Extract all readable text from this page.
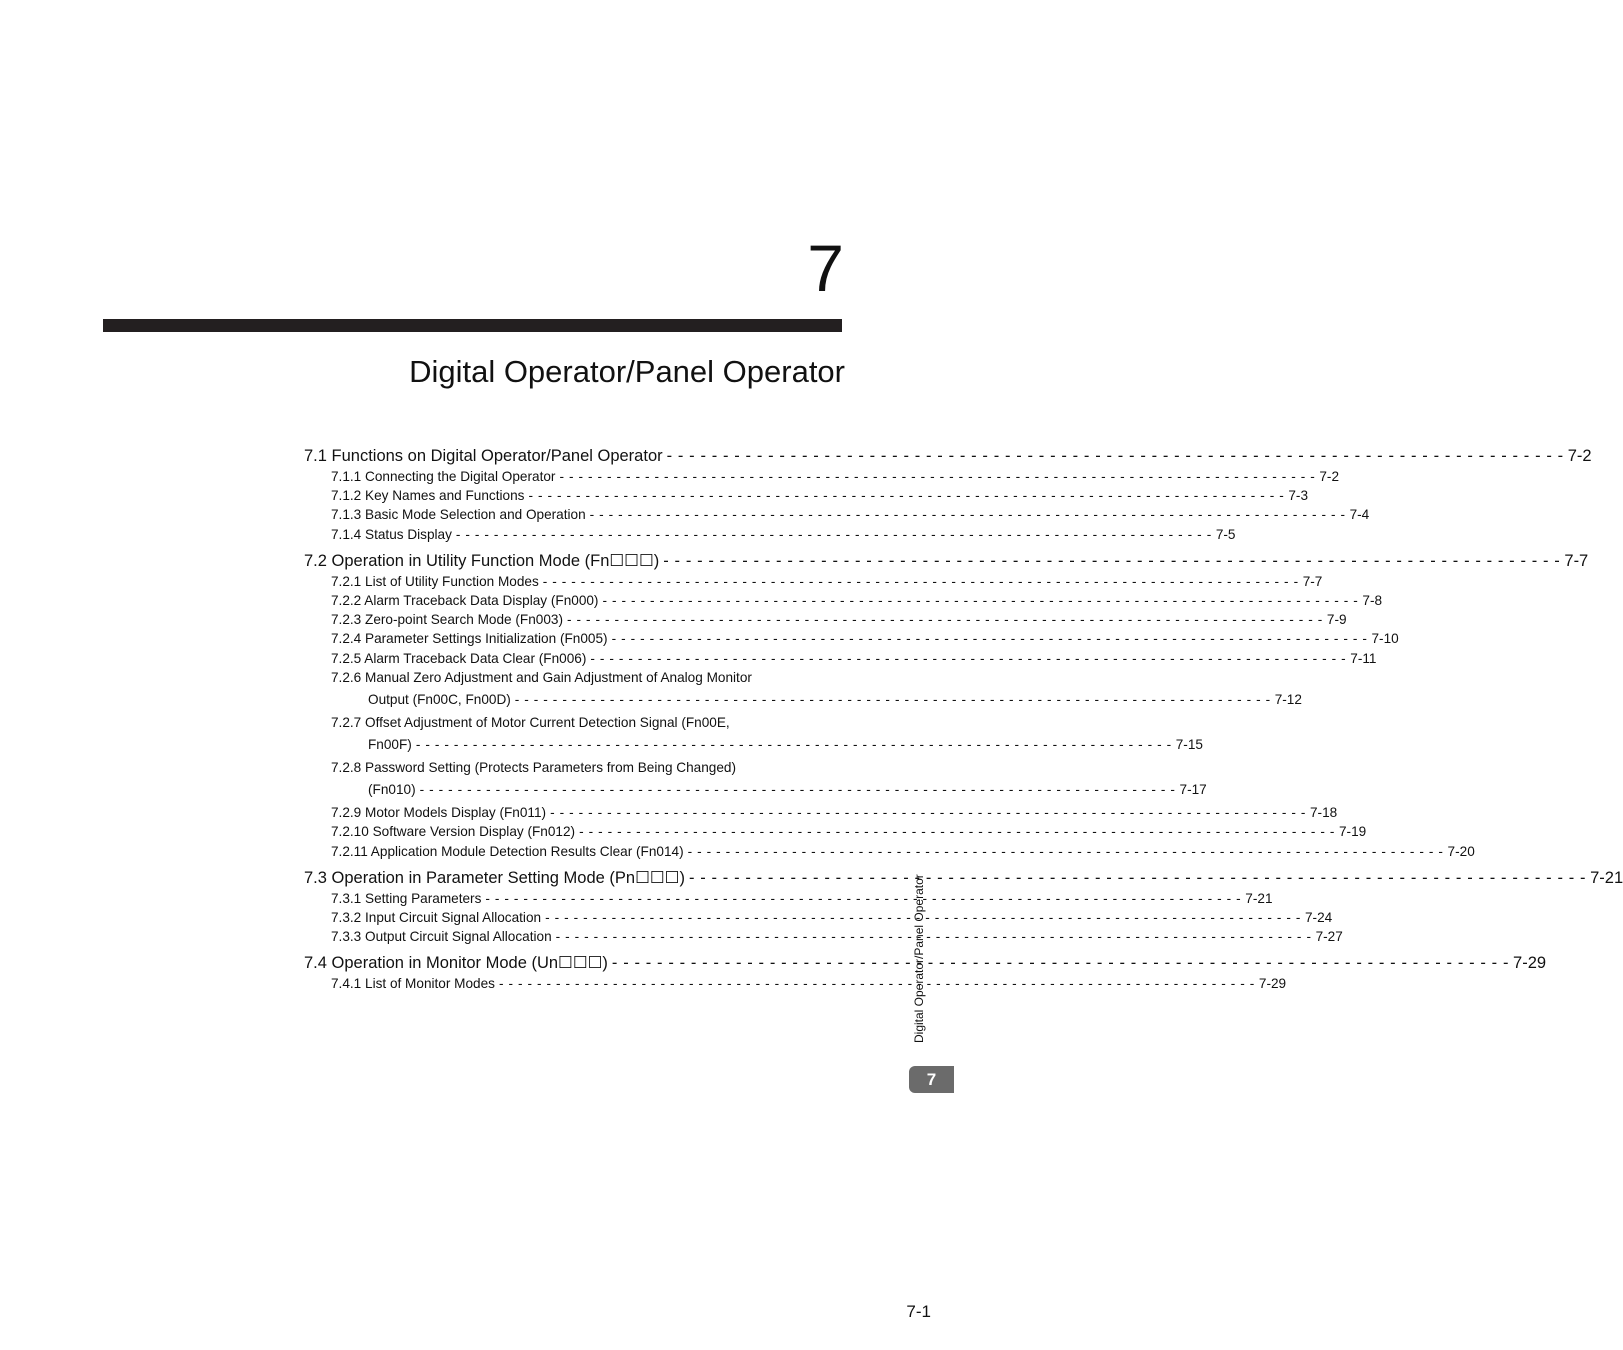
7
Digital Operator/Panel Operator
7.1 Functions on Digital Operator/Panel Operator - - - - - - - - - - - - - - - - - - - - - - - - - - - - - - - - - - - - - - - - - - - - - - - - - - - - - - - - - - - - - - - - - - - - - - - - - - - - - - - - 7-2
7.1.1 Connecting the Digital Operator - - - - - - - - - - - - - - - - - - - - - - - - - - - - - - - - - - - - - - - - - - - - - - - - - - - - - - - - - - - - - - - - - - - - - - - - - - - - - - - - 7-2
7.1.2 Key Names and Functions - - - - - - - - - - - - - - - - - - - - - - - - - - - - - - - - - - - - - - - - - - - - - - - - - - - - - - - - - - - - - - - - - - - - - - - - - - - - - - - - 7-3
7.1.3 Basic Mode Selection and Operation - - - - - - - - - - - - - - - - - - - - - - - - - - - - - - - - - - - - - - - - - - - - - - - - - - - - - - - - - - - - - - - - - - - - - - - - - - - - - - - - 7-4
7.1.4 Status Display - - - - - - - - - - - - - - - - - - - - - - - - - - - - - - - - - - - - - - - - - - - - - - - - - - - - - - - - - - - - - - - - - - - - - - - - - - - - - - - - 7-5
7.2 Operation in Utility Function Mode (Fn☐☐☐) - - - - - - - - - - - - - - - - - - - - - - - - - - - - - - - - - - - - - - - - - - - - - - - - - - - - - - - - - - - - - - - - - - - - - - - - - - - - - - - - 7-7
7.2.1 List of Utility Function Modes - - - - - - - - - - - - - - - - - - - - - - - - - - - - - - - - - - - - - - - - - - - - - - - - - - - - - - - - - - - - - - - - - - - - - - - - - - - - - - - - 7-7
7.2.2 Alarm Traceback Data Display (Fn000) - - - - - - - - - - - - - - - - - - - - - - - - - - - - - - - - - - - - - - - - - - - - - - - - - - - - - - - - - - - - - - - - - - - - - - - - - - - - - - - - 7-8
7.2.3 Zero-point Search Mode (Fn003) - - - - - - - - - - - - - - - - - - - - - - - - - - - - - - - - - - - - - - - - - - - - - - - - - - - - - - - - - - - - - - - - - - - - - - - - - - - - - - - - 7-9
7.2.4 Parameter Settings Initialization (Fn005) - - - - - - - - - - - - - - - - - - - - - - - - - - - - - - - - - - - - - - - - - - - - - - - - - - - - - - - - - - - - - - - - - - - - - - - - - - - - - - - - 7-10
7.2.5 Alarm Traceback Data Clear (Fn006) - - - - - - - - - - - - - - - - - - - - - - - - - - - - - - - - - - - - - - - - - - - - - - - - - - - - - - - - - - - - - - - - - - - - - - - - - - - - - - - - 7-11
7.2.6 Manual Zero Adjustment and Gain Adjustment of Analog Monitor
Output (Fn00C, Fn00D) - - - - - - - - - - - - - - - - - - - - - - - - - - - - - - - - - - - - - - - - - - - - - - - - - - - - - - - - - - - - - - - - - - - - - - - - - - - - - - - - 7-12
7.2.7 Offset Adjustment of Motor Current Detection Signal (Fn00E,
Fn00F) - - - - - - - - - - - - - - - - - - - - - - - - - - - - - - - - - - - - - - - - - - - - - - - - - - - - - - - - - - - - - - - - - - - - - - - - - - - - - - - - 7-15
7.2.8 Password Setting (Protects Parameters from Being Changed)
(Fn010) - - - - - - - - - - - - - - - - - - - - - - - - - - - - - - - - - - - - - - - - - - - - - - - - - - - - - - - - - - - - - - - - - - - - - - - - - - - - - - - - 7-17
7.2.9 Motor Models Display (Fn011) - - - - - - - - - - - - - - - - - - - - - - - - - - - - - - - - - - - - - - - - - - - - - - - - - - - - - - - - - - - - - - - - - - - - - - - - - - - - - - - - 7-18
7.2.10 Software Version Display (Fn012) - - - - - - - - - - - - - - - - - - - - - - - - - - - - - - - - - - - - - - - - - - - - - - - - - - - - - - - - - - - - - - - - - - - - - - - - - - - - - - - - 7-19
7.2.11 Application Module Detection Results Clear (Fn014) - - - - - - - - - - - - - - - - - - - - - - - - - - - - - - - - - - - - - - - - - - - - - - - - - - - - - - - - - - - - - - - - - - - - - - - - - - - - - - - - 7-20
7.3 Operation in Parameter Setting Mode (Pn☐☐☐) - - - - - - - - - - - - - - - - - - - - - - - - - - - - - - - - - - - - - - - - - - - - - - - - - - - - - - - - - - - - - - - - - - - - - - - - - - - - - - - - 7-21
7.3.1 Setting Parameters - - - - - - - - - - - - - - - - - - - - - - - - - - - - - - - - - - - - - - - - - - - - - - - - - - - - - - - - - - - - - - - - - - - - - - - - - - - - - - - - 7-21
7.3.2 Input Circuit Signal Allocation - - - - - - - - - - - - - - - - - - - - - - - - - - - - - - - - - - - - - - - - - - - - - - - - - - - - - - - - - - - - - - - - - - - - - - - - - - - - - - - - 7-24
7.3.3 Output Circuit Signal Allocation - - - - - - - - - - - - - - - - - - - - - - - - - - - - - - - - - - - - - - - - - - - - - - - - - - - - - - - - - - - - - - - - - - - - - - - - - - - - - - - - 7-27
7.4 Operation in Monitor Mode (Un☐☐☐) - - - - - - - - - - - - - - - - - - - - - - - - - - - - - - - - - - - - - - - - - - - - - - - - - - - - - - - - - - - - - - - - - - - - - - - - - - - - - - - - 7-29
7.4.1 List of Monitor Modes - - - - - - - - - - - - - - - - - - - - - - - - - - - - - - - - - - - - - - - - - - - - - - - - - - - - - - - - - - - - - - - - - - - - - - - - - - - - - - - - 7-29
Digital Operator/Panel Operator
7
7-1
